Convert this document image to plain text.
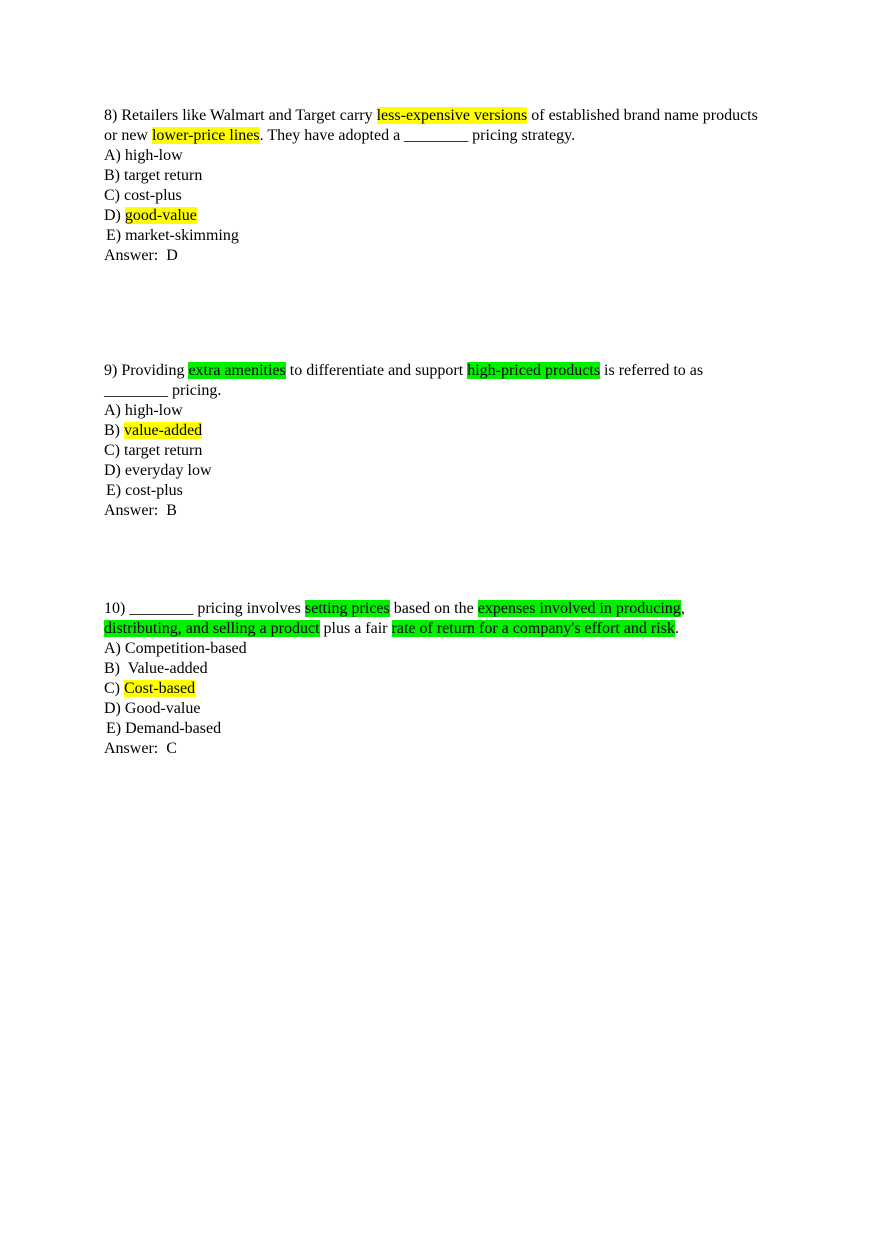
8) Retailers like Walmart and Target carry less-expensive versions of established brand name products or new lower-price lines. They have adopted a ________ pricing strategy.

A) high-low
B) target return
C) cost-plus
D) good-value
E) market-skimming
Answer:  D

9) Providing extra amenities to differentiate and support high-priced products is referred to as ________ pricing.

A) high-low
B) value-added
C) target return
D) everyday low
E) cost-plus
Answer:  B

10) ________ pricing involves setting prices based on the expenses involved in producing, distributing, and selling a product plus a fair rate of return for a company's effort and risk.

A) Competition-based
B)  Value-added
C) Cost-based
D) Good-value
E) Demand-based
Answer:  C
